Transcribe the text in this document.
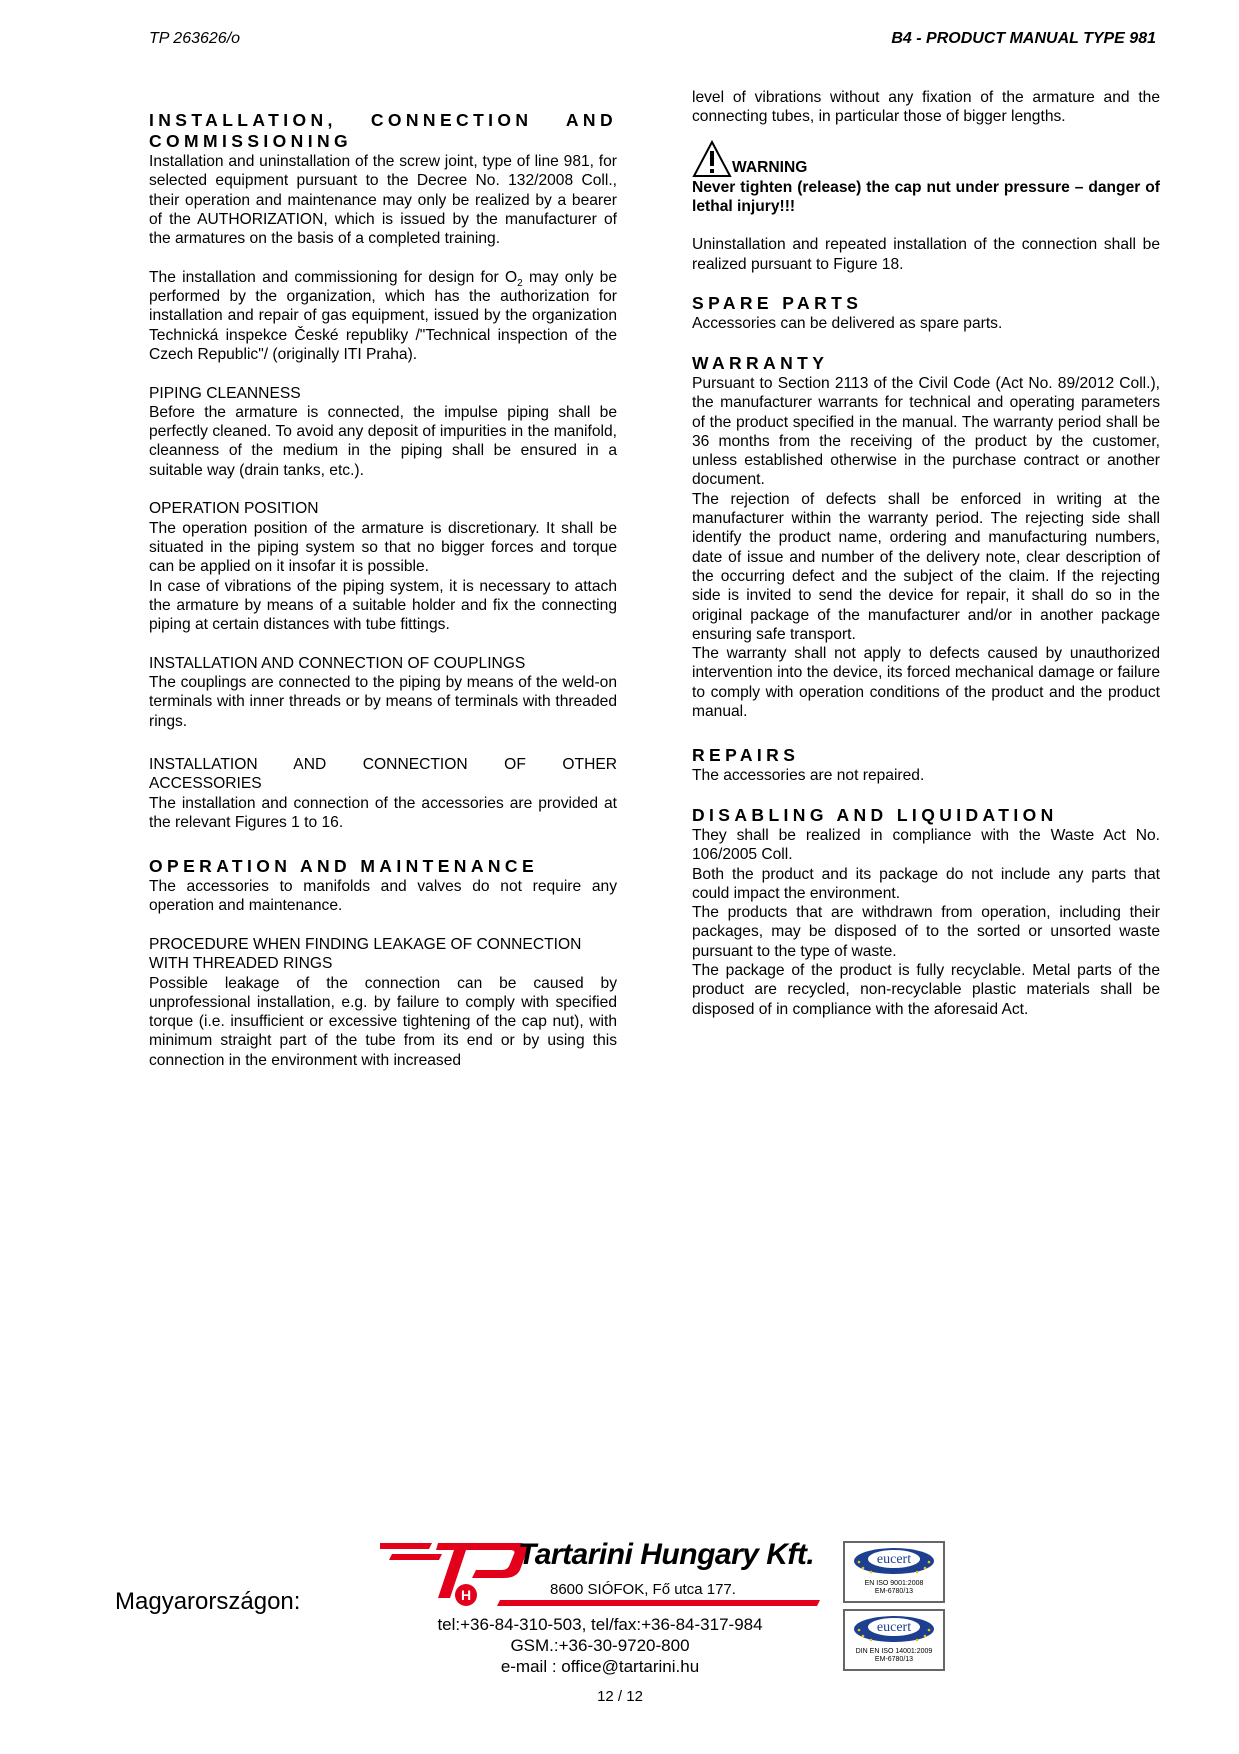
TP 263626/o	B4 - PRODUCT MANUAL TYPE 981
INSTALLATION, CONNECTION AND
COMMISSIONING

Installation and uninstallation of the screw joint, type of line 981, for selected equipment pursuant to the Decree No. 132/2008 Coll., their operation and maintenance may only be realized by a bearer of the AUTHORIZATION, which is issued by the manufacturer of the armatures on the basis of a completed training.

The installation and commissioning for design for $O_2$ may only be performed by the organization, which has the authorization for installation and repair of gas equipment, issued by the organization Technická inspekce České republiky /"Technical inspection of the Czech Republic"/ (originally ITI Praha).

PIPING CLEANNESS

Before the armature is connected, the impulse piping shall be perfectly cleaned. To avoid any deposit of impurities in the manifold, cleanness of the medium in the piping shall be ensured in a suitable way (drain tanks, etc.).

OPERATION POSITION

The operation position of the armature is discretionary. It shall be situated in the piping system so that no bigger forces and torque can be applied on it insofar it is possible.

In case of vibrations of the piping system, it is necessary to attach the armature by means of a suitable holder and fix the connecting piping at certain distances with tube fittings.

INSTALLATION AND CONNECTION OF COUPLINGS

The couplings are connected to the piping by means of the weld-on terminals with inner threads or by means of terminals with threaded rings.

INSTALLATION AND CONNECTION OF OTHER

ACCESSORIES

The installation and connection of the accessories are provided at the relevant Figures 1 to 16.

OPERATION AND MAINTENANCE

The accessories to manifolds and valves do not require any operation and maintenance.

PROCEDURE WHEN FINDING LEAKAGE OF CONNECTION WITH THREADED RINGS

Possible leakage of the connection can be caused by unprofessional installation, e.g. by failure to comply with specified torque (i.e. insufficient or excessive tightening of the cap nut), with minimum straight part of the tube from its end or by using this connection in the environment with increased

level of vibrations without any fixation of the armature and the connecting tubes, in particular those of bigger lengths.

WARNING

Never tighten (release) the cap nut under pressure – danger of lethal injury!!!

Uninstallation and repeated installation of the connection shall be realized pursuant to Figure 18.

SPARE PARTS

Accessories can be delivered as spare parts.

WARRANTY

Pursuant to Section 2113 of the Civil Code (Act No. 89/2012 Coll.), the manufacturer warrants for technical and operating parameters of the product specified in the manual. The warranty period shall be 36 months from the receiving of the product by the customer, unless established otherwise in the purchase contract or another document.

The rejection of defects shall be enforced in writing at the manufacturer within the warranty period. The rejecting side shall identify the product name, ordering and manufacturing numbers, date of issue and number of the delivery note, clear description of the occurring defect and the subject of the claim. If the rejecting side is invited to send the device for repair, it shall do so in the original package of the manufacturer and/or in another package ensuring safe transport.

The warranty shall not apply to defects caused by unauthorized intervention into the device, its forced mechanical damage or failure to comply with operation conditions of the product and the product manual.

REPAIRS

The accessories are not repaired.

DISABLING AND LIQUIDATION

They shall be realized in compliance with the Waste Act No. 106/2005 Coll.

Both the product and its package do not include any parts that could impact the environment.

The products that are withdrawn from operation, including their packages, may be disposed of to the sorted or unsorted waste pursuant to the type of waste.

The package of the product is fully recyclable. Metal parts of the product are recycled, non-recyclable plastic materials shall be disposed of in compliance with the aforesaid Act.

Magyarországon:	H
Tartarini Hungary Kft.
8600 SIÓFOK, Fő utca 177.
tel:+36-84-310-503, tel/fax:+36-84-317-984
GSM.:+36-30-9720-800
e-mail : office@tartarini.hu
12 / 12
eucert
EN ISO 9001:2008
EM-6780/13
eucert
DIN EN ISO 14001:2009
EM-6780/13
